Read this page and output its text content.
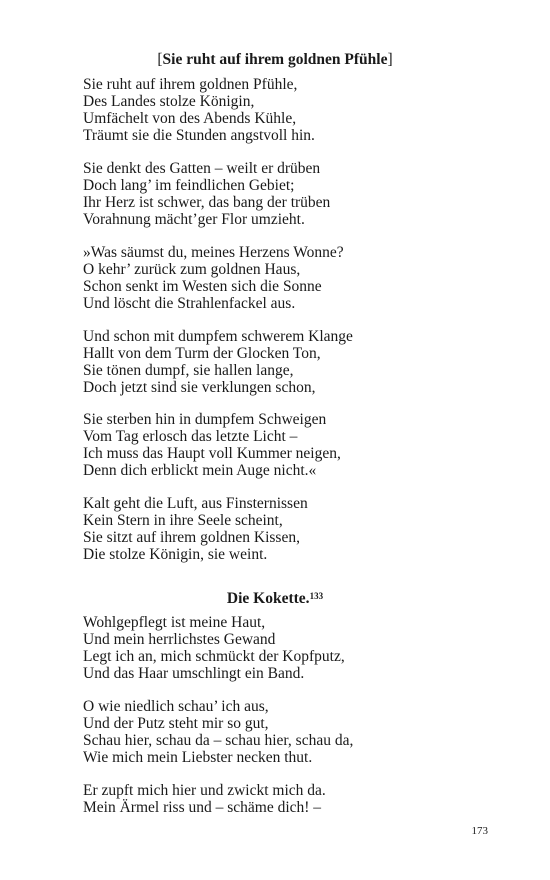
[Sie ruht auf ihrem goldnen Pfühle]
Sie ruht auf ihrem goldnen Pfühle,
Des Landes stolze Königin,
Umfächelt von des Abends Kühle,
Träumt sie die Stunden angstvoll hin.
Sie denkt des Gatten – weilt er drüben
Doch lang’ im feindlichen Gebiet;
Ihr Herz ist schwer, das bang der trüben
Vorahnung mächt’ger Flor umzieht.
»Was säumst du, meines Herzens Wonne?
O kehr’ zurück zum goldnen Haus,
Schon senkt im Westen sich die Sonne
Und löscht die Strahlenfackel aus.
Und schon mit dumpfem schwerem Klange
Hallt von dem Turm der Glocken Ton,
Sie tönen dumpf, sie hallen lange,
Doch jetzt sind sie verklungen schon,
Sie sterben hin in dumpfem Schweigen
Vom Tag erlosch das letzte Licht –
Ich muss das Haupt voll Kummer neigen,
Denn dich erblickt mein Auge nicht.«
Kalt geht die Luft, aus Finsternissen
Kein Stern in ihre Seele scheint,
Sie sitzt auf ihrem goldnen Kissen,
Die stolze Königin, sie weint.
Die Kokette.$^{133}$
Wohlgepflegt ist meine Haut,
Und mein herrlichstes Gewand
Legt ich an, mich schmückt der Kopfputz,
Und das Haar umschlingt ein Band.
O wie niedlich schau’ ich aus,
Und der Putz steht mir so gut,
Schau hier, schau da – schau hier, schau da,
Wie mich mein Liebster necken thut.
Er zupft mich hier und zwickt mich da.
Mein Ärmel riss und – schäme dich! –
173
